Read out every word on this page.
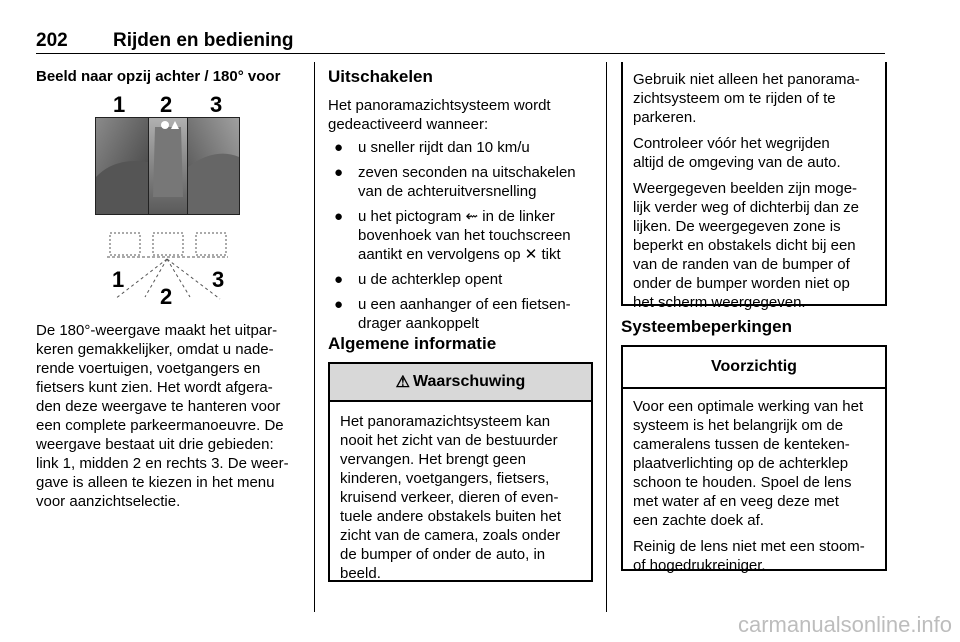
202 Rijden en bediening
Beeld naar opzij achter / 180° voor
1 2 3
1
2
3
De 180°-weergave maakt het uitpar-
keren gemakkelijker, omdat u nade-
rende voertuigen, voetgangers en
fietsers kunt zien. Het wordt afgera-
den deze weergave te hanteren voor
een complete parkeermanoeuvre. De
weergave bestaat uit drie gebieden:
link 1, midden 2 en rechts 3. De weer-
gave is alleen te kiezen in het menu
voor aanzichtselectie.
Uitschakelen
Het panoramazichtsysteem wordt
gedeactiveerd wanneer:
● u sneller rijdt dan 10 km/u
● zeven seconden na uitschakelen
van de achteruitversnelling
● u het pictogram ⇜ in de linker
bovenhoek van het touchscreen
aantikt en vervolgens op ✕ tikt
● u de achterklep opent
● u een aanhanger of een fietsen-
drager aankoppelt
Algemene informatie
⚠ Waarschuwing
Het panoramazichtsysteem kan
nooit het zicht van de bestuurder
vervangen. Het brengt geen
kinderen, voetgangers, fietsers,
kruisend verkeer, dieren of even-
tuele andere obstakels buiten het
zicht van de camera, zoals onder
de bumper of onder de auto, in
beeld.

Gebruik niet alleen het panorama-
zichtsysteem om te rijden of te
parkeren.

Controleer vóór het wegrijden
altijd de omgeving van de auto.

Weergegeven beelden zijn moge-
lijk verder weg of dichterbij dan ze
lijken. De weergegeven zone is
beperkt en obstakels dicht bij een
van de randen van de bumper of
onder de bumper worden niet op
het scherm weergegeven.

Systeembeperkingen
Voorzichtig

Voor een optimale werking van het
systeem is het belangrijk om de
cameralens tussen de kenteken-
plaatverlichting op de achterklep
schoon te houden. Spoel de lens
met water af en veeg deze met
een zachte doek af.

Reinig de lens niet met een stoom-
of hogedrukreiniger.

carmanualsonline.info
